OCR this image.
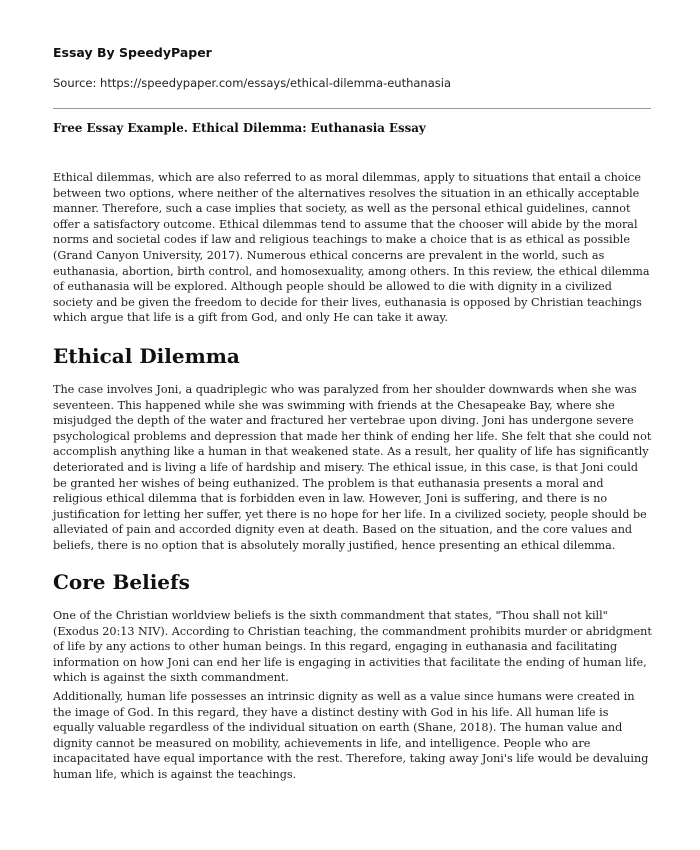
Essay By SpeedyPaper

Source: https://speedypaper.com/essays/ethical-dilemma-euthanasia

Free Essay Example. Ethical Dilemma: Euthanasia Essay

Ethical dilemmas, which are also referred to as moral dilemmas, apply to situations that entail a choice between two options, where neither of the alternatives resolves the situation in an ethically acceptable manner. Therefore, such a case implies that society, as well as the personal ethical guidelines, cannot offer a satisfactory outcome. Ethical dilemmas tend to assume that the chooser will abide by the moral norms and societal codes if law and religious teachings to make a choice that is as ethical as possible (Grand Canyon University, 2017). Numerous ethical concerns are prevalent in the world, such as euthanasia, abortion, birth control, and homosexuality, among others. In this review, the ethical dilemma of euthanasia will be explored. Although people should be allowed to die with dignity in a civilized society and be given the freedom to decide for their lives, euthanasia is opposed by Christian teachings which argue that life is a gift from God, and only He can take it away.

Ethical Dilemma

The case involves Joni, a quadriplegic who was paralyzed from her shoulder downwards when she was seventeen. This happened while she was swimming with friends at the Chesapeake Bay, where she misjudged the depth of the water and fractured her vertebrae upon diving. Joni has undergone severe psychological problems and depression that made her think of ending her life. She felt that she could not accomplish anything like a human in that weakened state. As a result, her quality of life has significantly deteriorated and is living a life of hardship and misery. The ethical issue, in this case, is that Joni could be granted her wishes of being euthanized. The problem is that euthanasia presents a moral and religious ethical dilemma that is forbidden even in law. However, Joni is suffering, and there is no justification for letting her suffer, yet there is no hope for her life. In a civilized society, people should be alleviated of pain and accorded dignity even at death. Based on the situation, and the core values and beliefs, there is no option that is absolutely morally justified, hence presenting an ethical dilemma.

Core Beliefs

One of the Christian worldview beliefs is the sixth commandment that states, "Thou shall not kill" (Exodus 20:13 NIV). According to Christian teaching, the commandment prohibits murder or abridgment of life by any actions to other human beings. In this regard, engaging in euthanasia and facilitating information on how Joni can end her life is engaging in activities that facilitate the ending of human life, which is against the sixth commandment.

Additionally, human life possesses an intrinsic dignity as well as a value since humans were created in the image of God. In this regard, they have a distinct destiny with God in his life. All human life is equally valuable regardless of the individual situation on earth (Shane, 2018). The human value and dignity cannot be measured on mobility, achievements in life, and intelligence. People who are incapacitated have equal importance with the rest. Therefore, taking away Joni's life would be devaluing human life, which is against the teachings.
